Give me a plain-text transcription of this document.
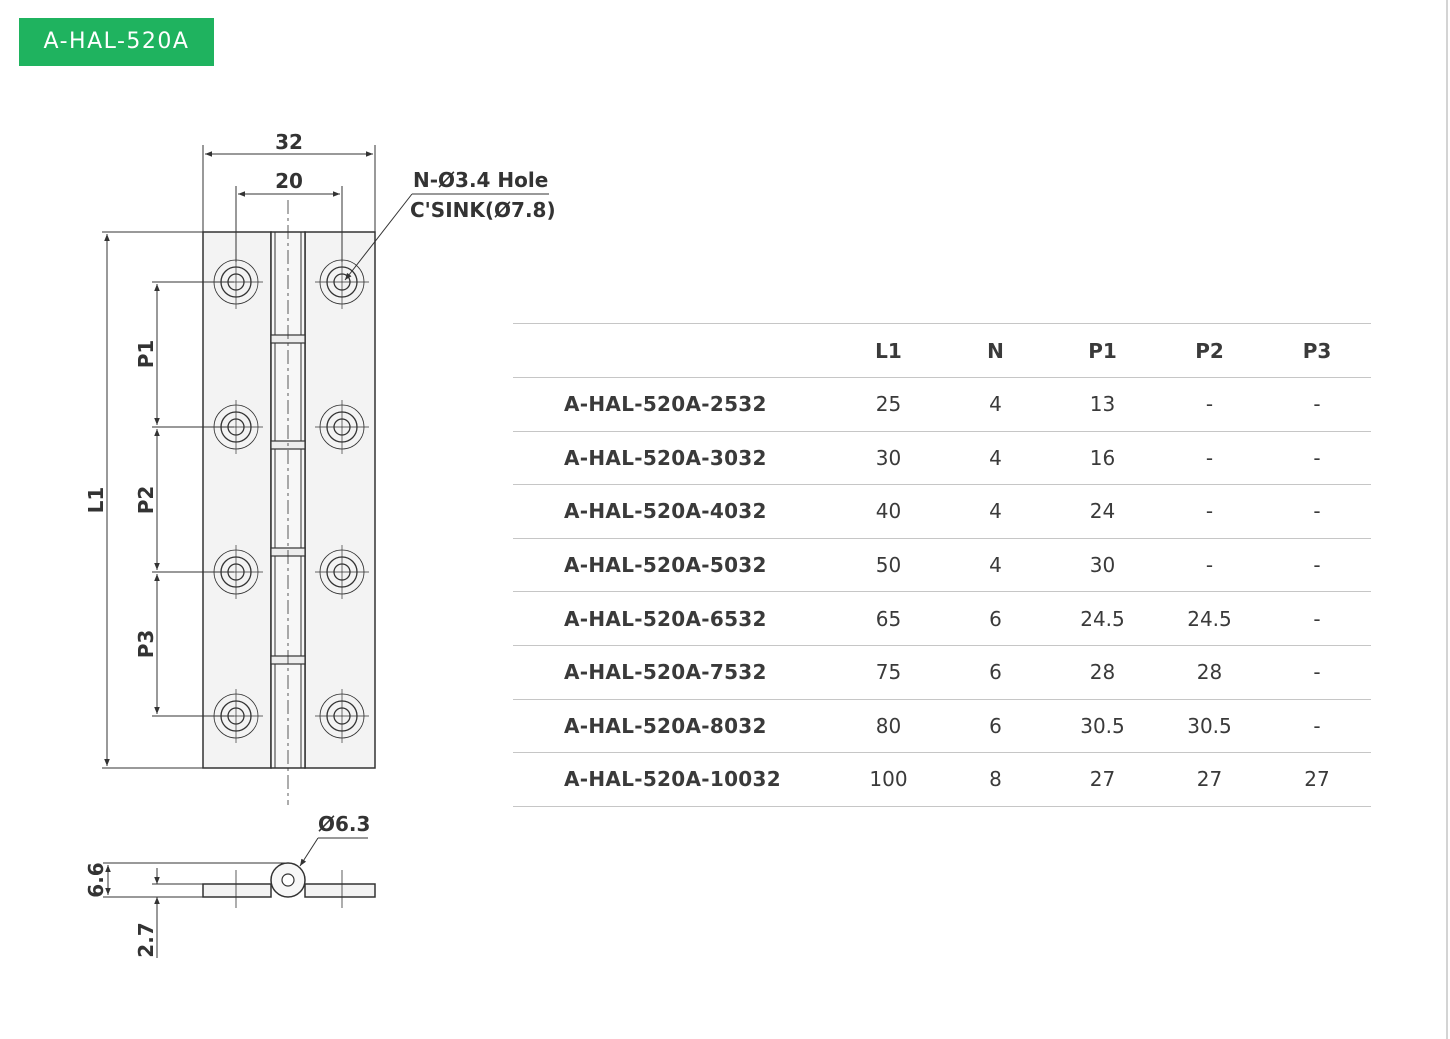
A-HAL-520A
32
20	N-Ø3.4 Hole
C'SINK(Ø7.8)
L1
P1
P2
P3
Ø6.3
6.6
2.7
	L1	N	P1	P2	P3
A-HAL-520A-2532	25	4	13	-	-
A-HAL-520A-3032	30	4	16	-	-
A-HAL-520A-4032	40	4	24	-	-
A-HAL-520A-5032	50	4	30	-	-
A-HAL-520A-6532	65	6	24.5	24.5	-
A-HAL-520A-7532	75	6	28	28	-
A-HAL-520A-8032	80	6	30.5	30.5	-
A-HAL-520A-10032	100	8	27	27	27
